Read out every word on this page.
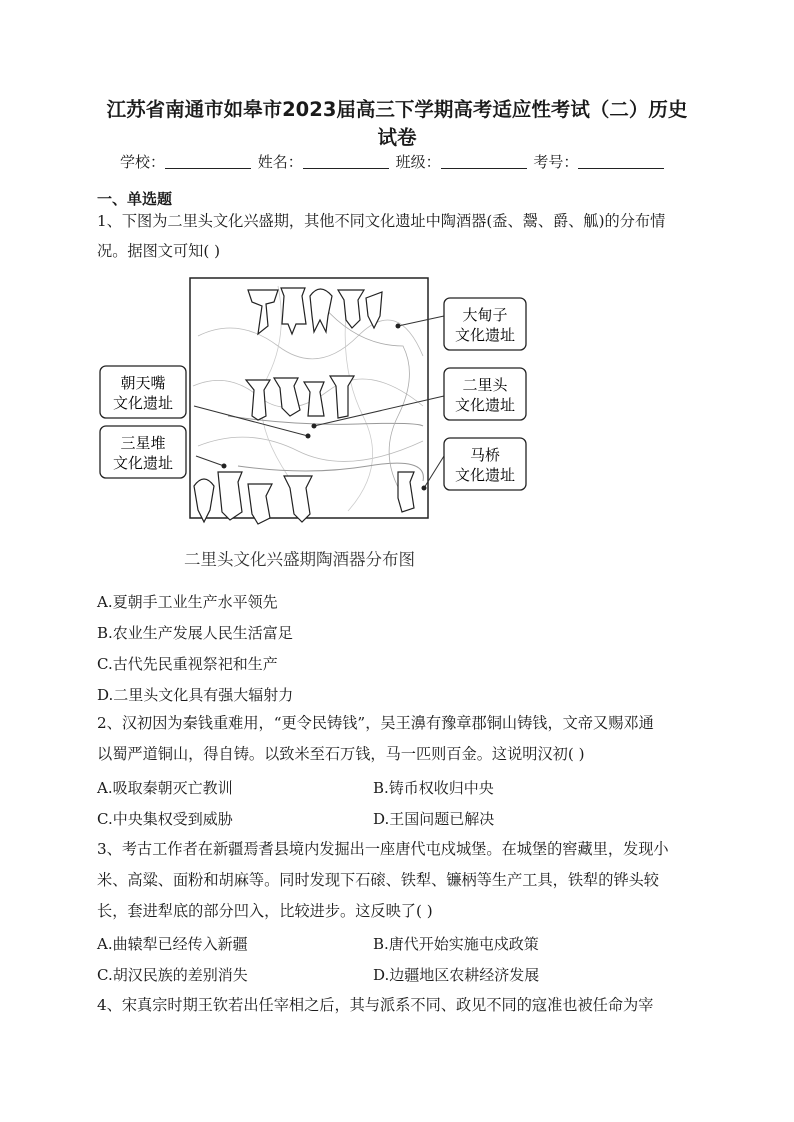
江苏省南通市如皋市2023届高三下学期高考适应性考试（二）历史
试卷
学校：	姓名：	班级：	考号：
一、单选题
1、下图为二里头文化兴盛期，其他不同文化遗址中陶酒器(盉、鬶、爵、觚)的分布情
况。据图文可知( )
大甸子
文化遗址
朝天嘴
文化遗址
二里头
文化遗址
三星堆
文化遗址	马桥
文化遗址
二里头文化兴盛期陶酒器分布图
A.夏朝手工业生产水平领先
B.农业生产发展人民生活富足
C.古代先民重视祭祀和生产
D.二里头文化具有强大辐射力
2、汉初因为秦钱重难用，“更令民铸钱”，吴王濞有豫章郡铜山铸钱，文帝又赐邓通
以蜀严道铜山，得自铸。以致米至石万钱，马一匹则百金。这说明汉初( )
A.吸取秦朝灭亡教训	B.铸币权收归中央
C.中央集权受到威胁	D.王国问题已解决
3、考古工作者在新疆焉耆县境内发掘出一座唐代屯戍城堡。在城堡的窖藏里，发现小
米、高粱、面粉和胡麻等。同时发现下石磙、铁犁、镰柄等生产工具，铁犁的铧头较
长，套进犁底的部分凹入，比较进步。这反映了( )
A.曲辕犁已经传入新疆	B.唐代开始实施屯戍政策
C.胡汉民族的差别消失	D.边疆地区农耕经济发展
4、宋真宗时期王钦若出任宰相之后，其与派系不同、政见不同的寇准也被任命为宰
